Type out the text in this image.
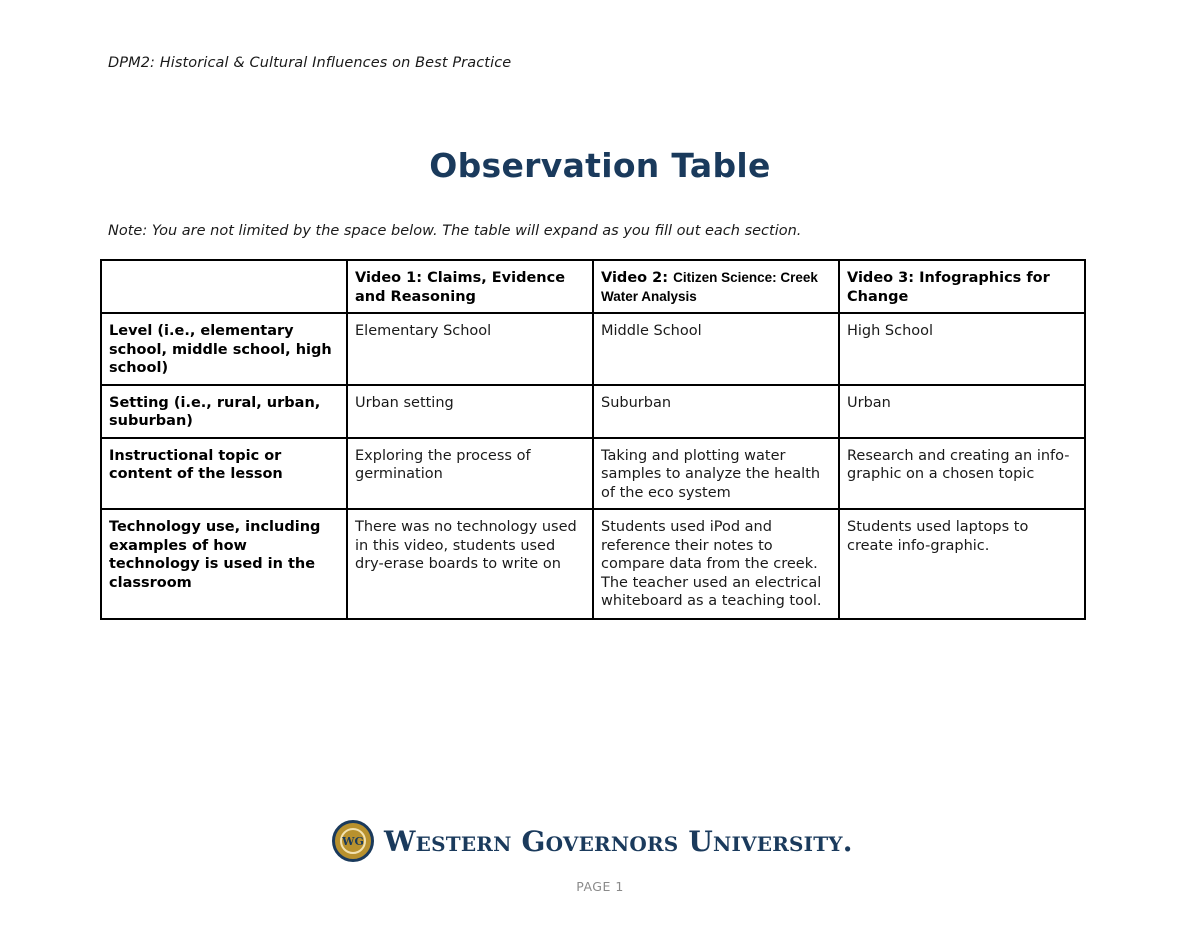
DPM2: Historical & Cultural Influences on Best Practice
Observation Table
Note: You are not limited by the space below. The table will expand as you fill out each section.
	Video 1: Claims, Evidence and Reasoning	Video 2: Citizen Science: Creek Water Analysis	Video 3: Infographics for Change
Level (i.e., elementary school, middle school, high school)	Elementary School	Middle School	High School
Setting (i.e., rural, urban, suburban)	Urban setting	Suburban	Urban
Instructional topic or content of the lesson	Exploring the process of germination	Taking and plotting water samples to analyze the health of the eco system	Research and creating an info-graphic on a chosen topic
Technology use, including examples of how technology is used in the classroom	There was no technology used in this video, students used dry-erase boards to write on	Students used iPod and reference their notes to compare data from the creek. The teacher used an electrical whiteboard as a teaching tool.	Students used laptops to create info-graphic.
WG Western Governors University.
PAGE 1
